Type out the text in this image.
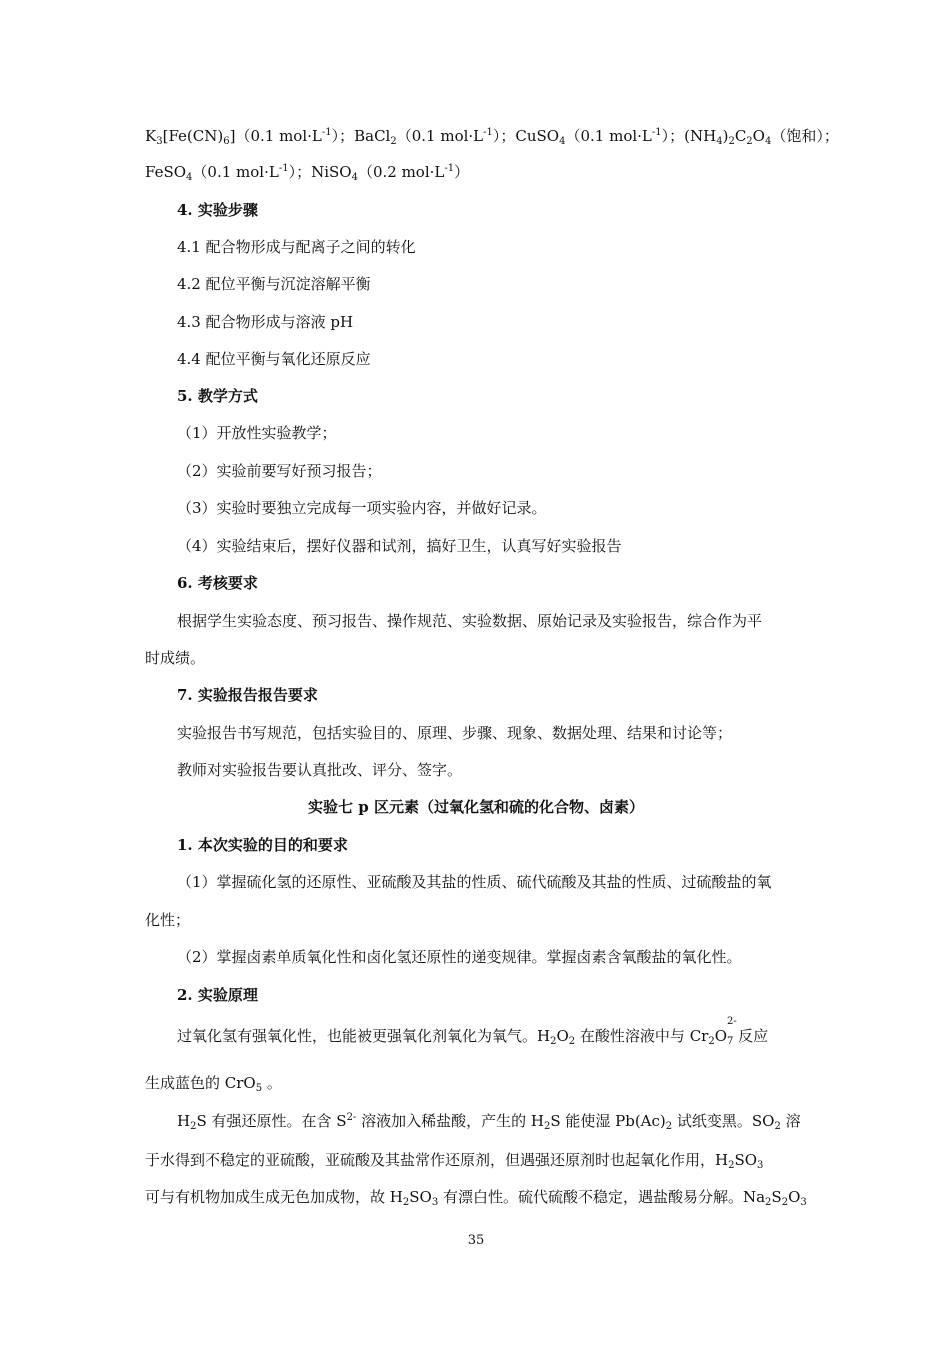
$K_3[Fe(CN)_6](0.1$ $mol\cdot L^{-1}$）；BaCl$_2$（0.1 $mol\cdot L^{-1}$）；CuSO$_4$（0.1 $mol\cdot L^{-1}$）；$(NH_4)_2C_2O_4$（饱和）；
FeSO$_4$（0.1 $mol\cdot L^{-1}$）；NiSO$_4$（0.2 $mol\cdot L^{-1}$）
4. 实验步骤
4.1 配合物形成与配离子之间的转化
4.2 配位平衡与沉淀溶解平衡
4.3 配合物形成与溶液 pH
4.4 配位平衡与氧化还原反应
5. 教学方式
（1）开放性实验教学；
（2）实验前要写好预习报告；
（3）实验时要独立完成每一项实验内容，并做好记录。
（4）实验结束后，摆好仪器和试剂，搞好卫生，认真写好实验报告
6. 考核要求
根据学生实验态度、预习报告、操作规范、实验数据、原始记录及实验报告，综合作为平
时成绩。
7. 实验报告报告要求
实验报告书写规范，包括实验目的、原理、步骤、现象、数据处理、结果和讨论等；
教师对实验报告要认真批改、评分、签字。
实验七 p 区元素（过氧化氢和硫的化合物、卤素）
1. 本次实验的目的和要求
（1）掌握硫化氢的还原性、亚硫酸及其盐的性质、硫代硫酸及其盐的性质、过硫酸盐的氧
化性；
（2）掌握卤素单质氧化性和卤化氢还原性的递变规律。掌握卤素含氧酸盐的氧化性。
2. 实验原理
过氧化氢有强氧化性，也能被更强氧化剂氧化为氧气。$H_2O_2$ 在酸性溶液中与 $Cr_2O$
2-
$_7$ 反应
生成蓝色的 CrO$_5$ 。
$H_2S$ 有强还原性。在含 $S^{2-}$ 溶液加入稀盐酸，产生的 $H_2S$ 能使湿 $Pb(Ac)_2$ 试纸变黑。$SO_2$ 溶
于水得到不稳定的亚硫酸，亚硫酸及其盐常作还原剂，但遇强还原剂时也起氧化作用，$H_2SO_3$
可与有机物加成生成无色加成物，故 $H_2SO_3$ 有漂白性。硫代硫酸不稳定，遇盐酸易分解。$Na_2S_2O_3$
35
